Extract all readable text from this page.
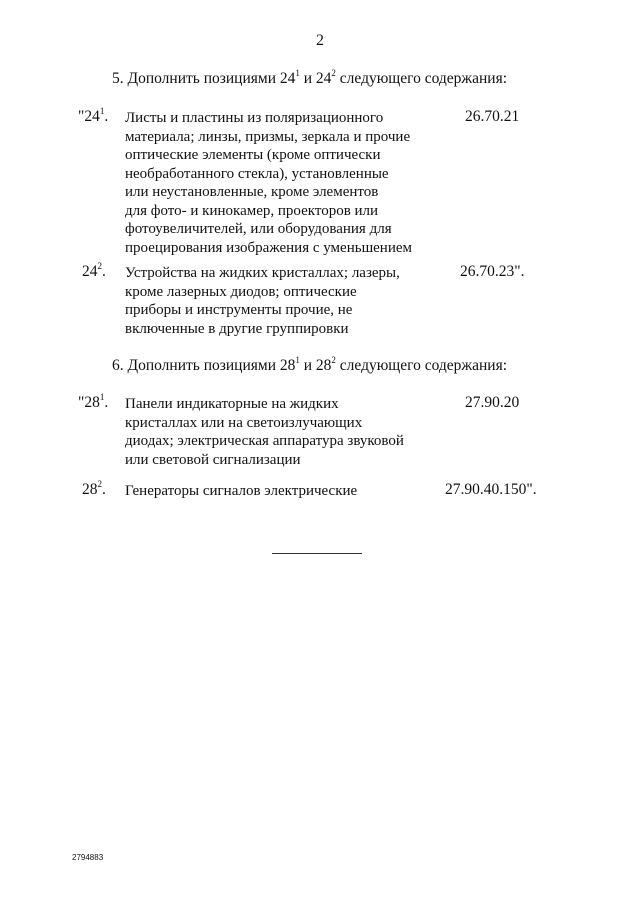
2
5. Дополнить позициями $24^1$ и $24^2$ следующего содержания:
"$24^1$. Листы и пластины из поляризационного
материала; линзы, призмы, зеркала и прочие
оптические элементы (кроме оптически
необработанного стекла), установленные
или неустановленные, кроме элементов
для фото- и кинокамер, проекторов или
фотоувеличителей, или оборудования для
проецирования изображения с уменьшением
26.70.21
$24^2$. Устройства на жидких кристаллах; лазеры,
кроме лазерных диодов; оптические
приборы и инструменты прочие, не
включенные в другие группировки
26.70.23".
6. Дополнить позициями $28^1$ и $28^2$ следующего содержания:
"$28^1$. Панели индикаторные на жидких
кристаллах или на светоизлучающих
диодах; электрическая аппаратура звуковой
или световой сигнализации
27.90.20
$28^2$. Генераторы сигналов электрические	27.90.40.150".
2794883
